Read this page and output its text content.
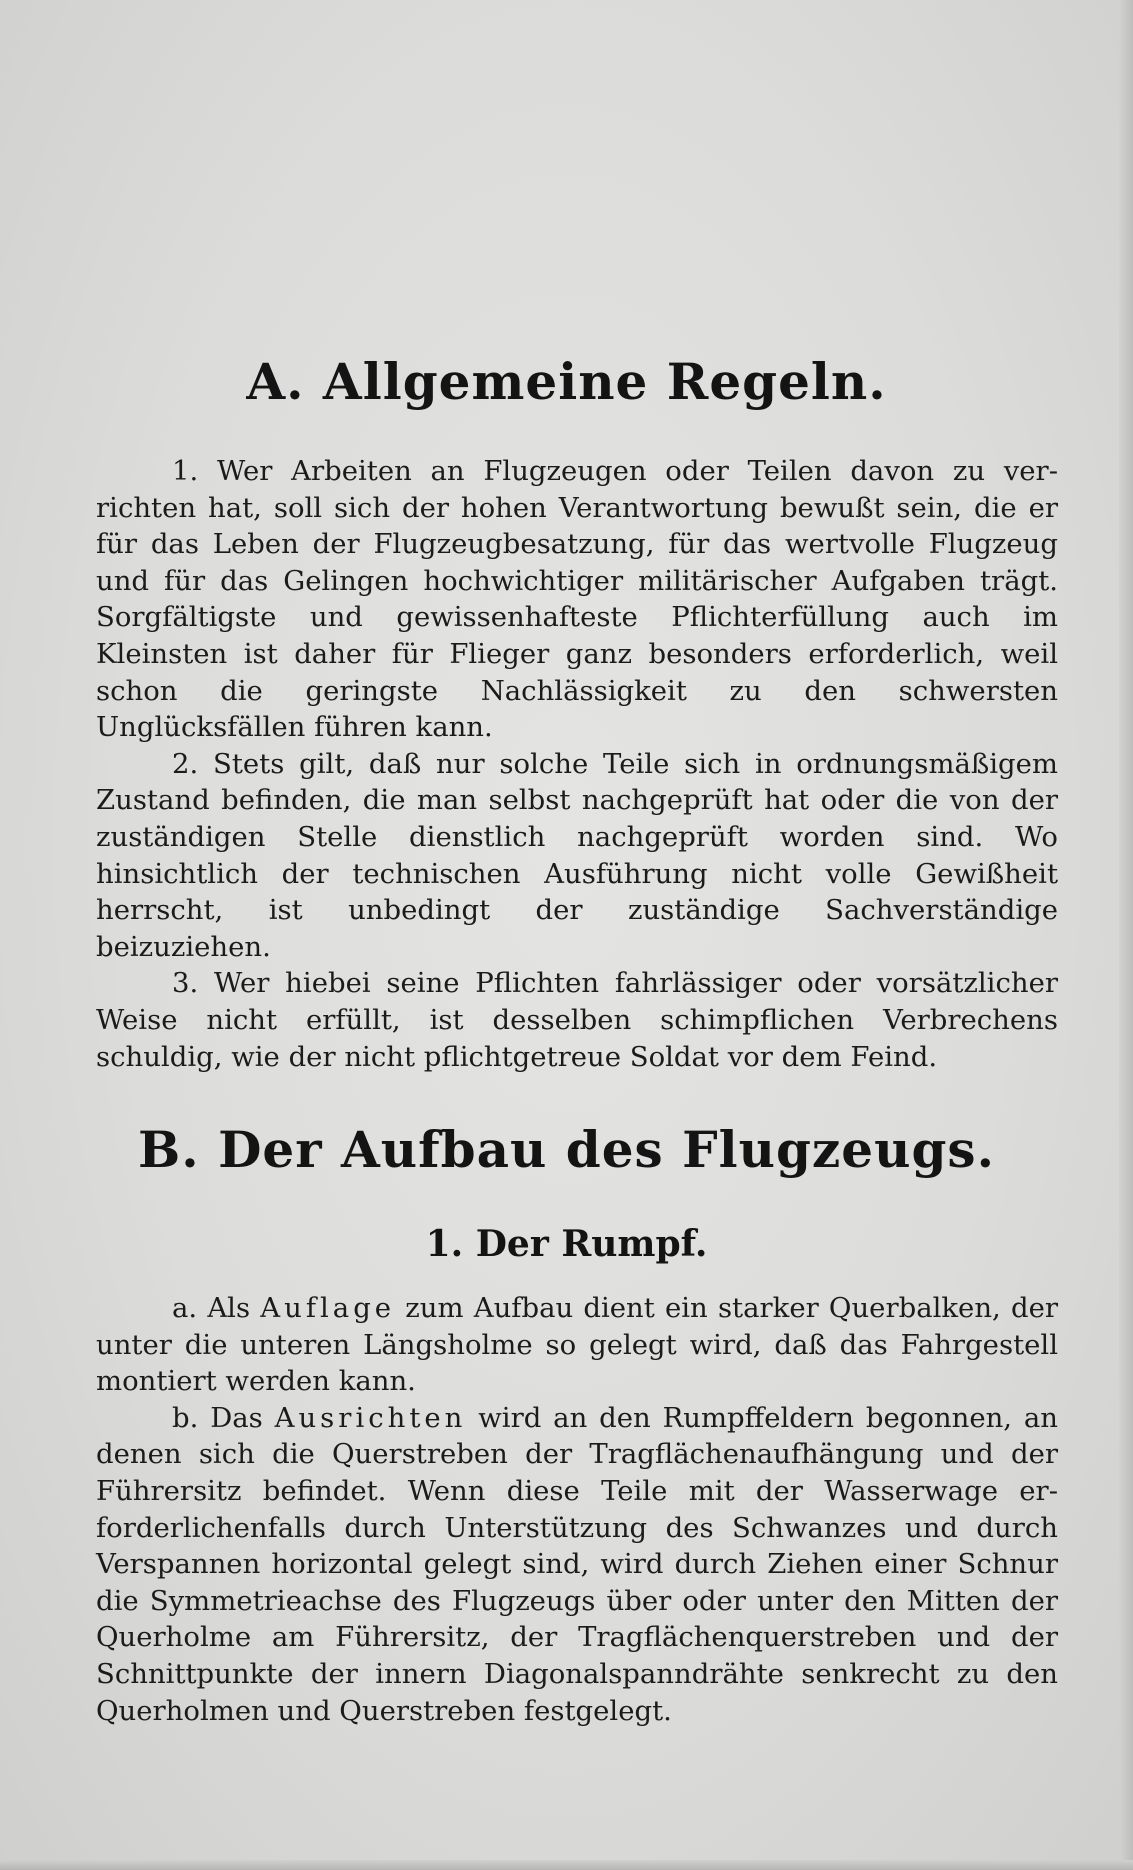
A. Allgemeine Regeln.

1. Wer Arbeiten an Flugzeugen oder Teilen davon zu verrichten hat, soll sich der hohen Verantwortung bewußt sein, die er für das Leben der Flugzeugbesatzung, für das wertvolle Flugzeug und für das Gelingen hochwichtiger militärischer Aufgaben trägt. Sorgfältigste und gewissenhafteste Pflichterfüllung auch im Kleinsten ist daher für Flieger ganz besonders erforderlich, weil schon die geringste Nachlässigkeit zu den schwersten Unglücksfällen führen kann.

2. Stets gilt, daß nur solche Teile sich in ordnungsmäßigem Zustand befinden, die man selbst nachgeprüft hat oder die von der zuständigen Stelle dienstlich nachgeprüft worden sind. Wo hinsichtlich der technischen Ausführung nicht volle Gewißheit herrscht, ist unbedingt der zuständige Sachverständige beizuziehen.

3. Wer hiebei seine Pflichten fahrlässiger oder vorsätzlicher Weise nicht erfüllt, ist desselben schimpflichen Verbrechens schuldig, wie der nicht pflichtgetreue Soldat vor dem Feind.

B. Der Aufbau des Flugzeugs.
1. Der Rumpf.

a. Als Auflage zum Aufbau dient ein starker Querbalken, der unter die unteren Längsholme so gelegt wird, daß das Fahrgestell montiert werden kann.

b. Das Ausrichten wird an den Rumpffeldern begonnen, an denen sich die Querstreben der Tragflächenaufhängung und der Führersitz befindet. Wenn diese Teile mit der Wasserwage erforderlichenfalls durch Unterstützung des Schwanzes und durch Verspannen horizontal gelegt sind, wird durch Ziehen einer Schnur die Symmetrieachse des Flugzeugs über oder unter den Mitten der Querholme am Führersitz, der Tragflächenquerstreben und der Schnittpunkte der innern Diagonalspanndrähte senkrecht zu den Querholmen und Querstreben festgelegt.
